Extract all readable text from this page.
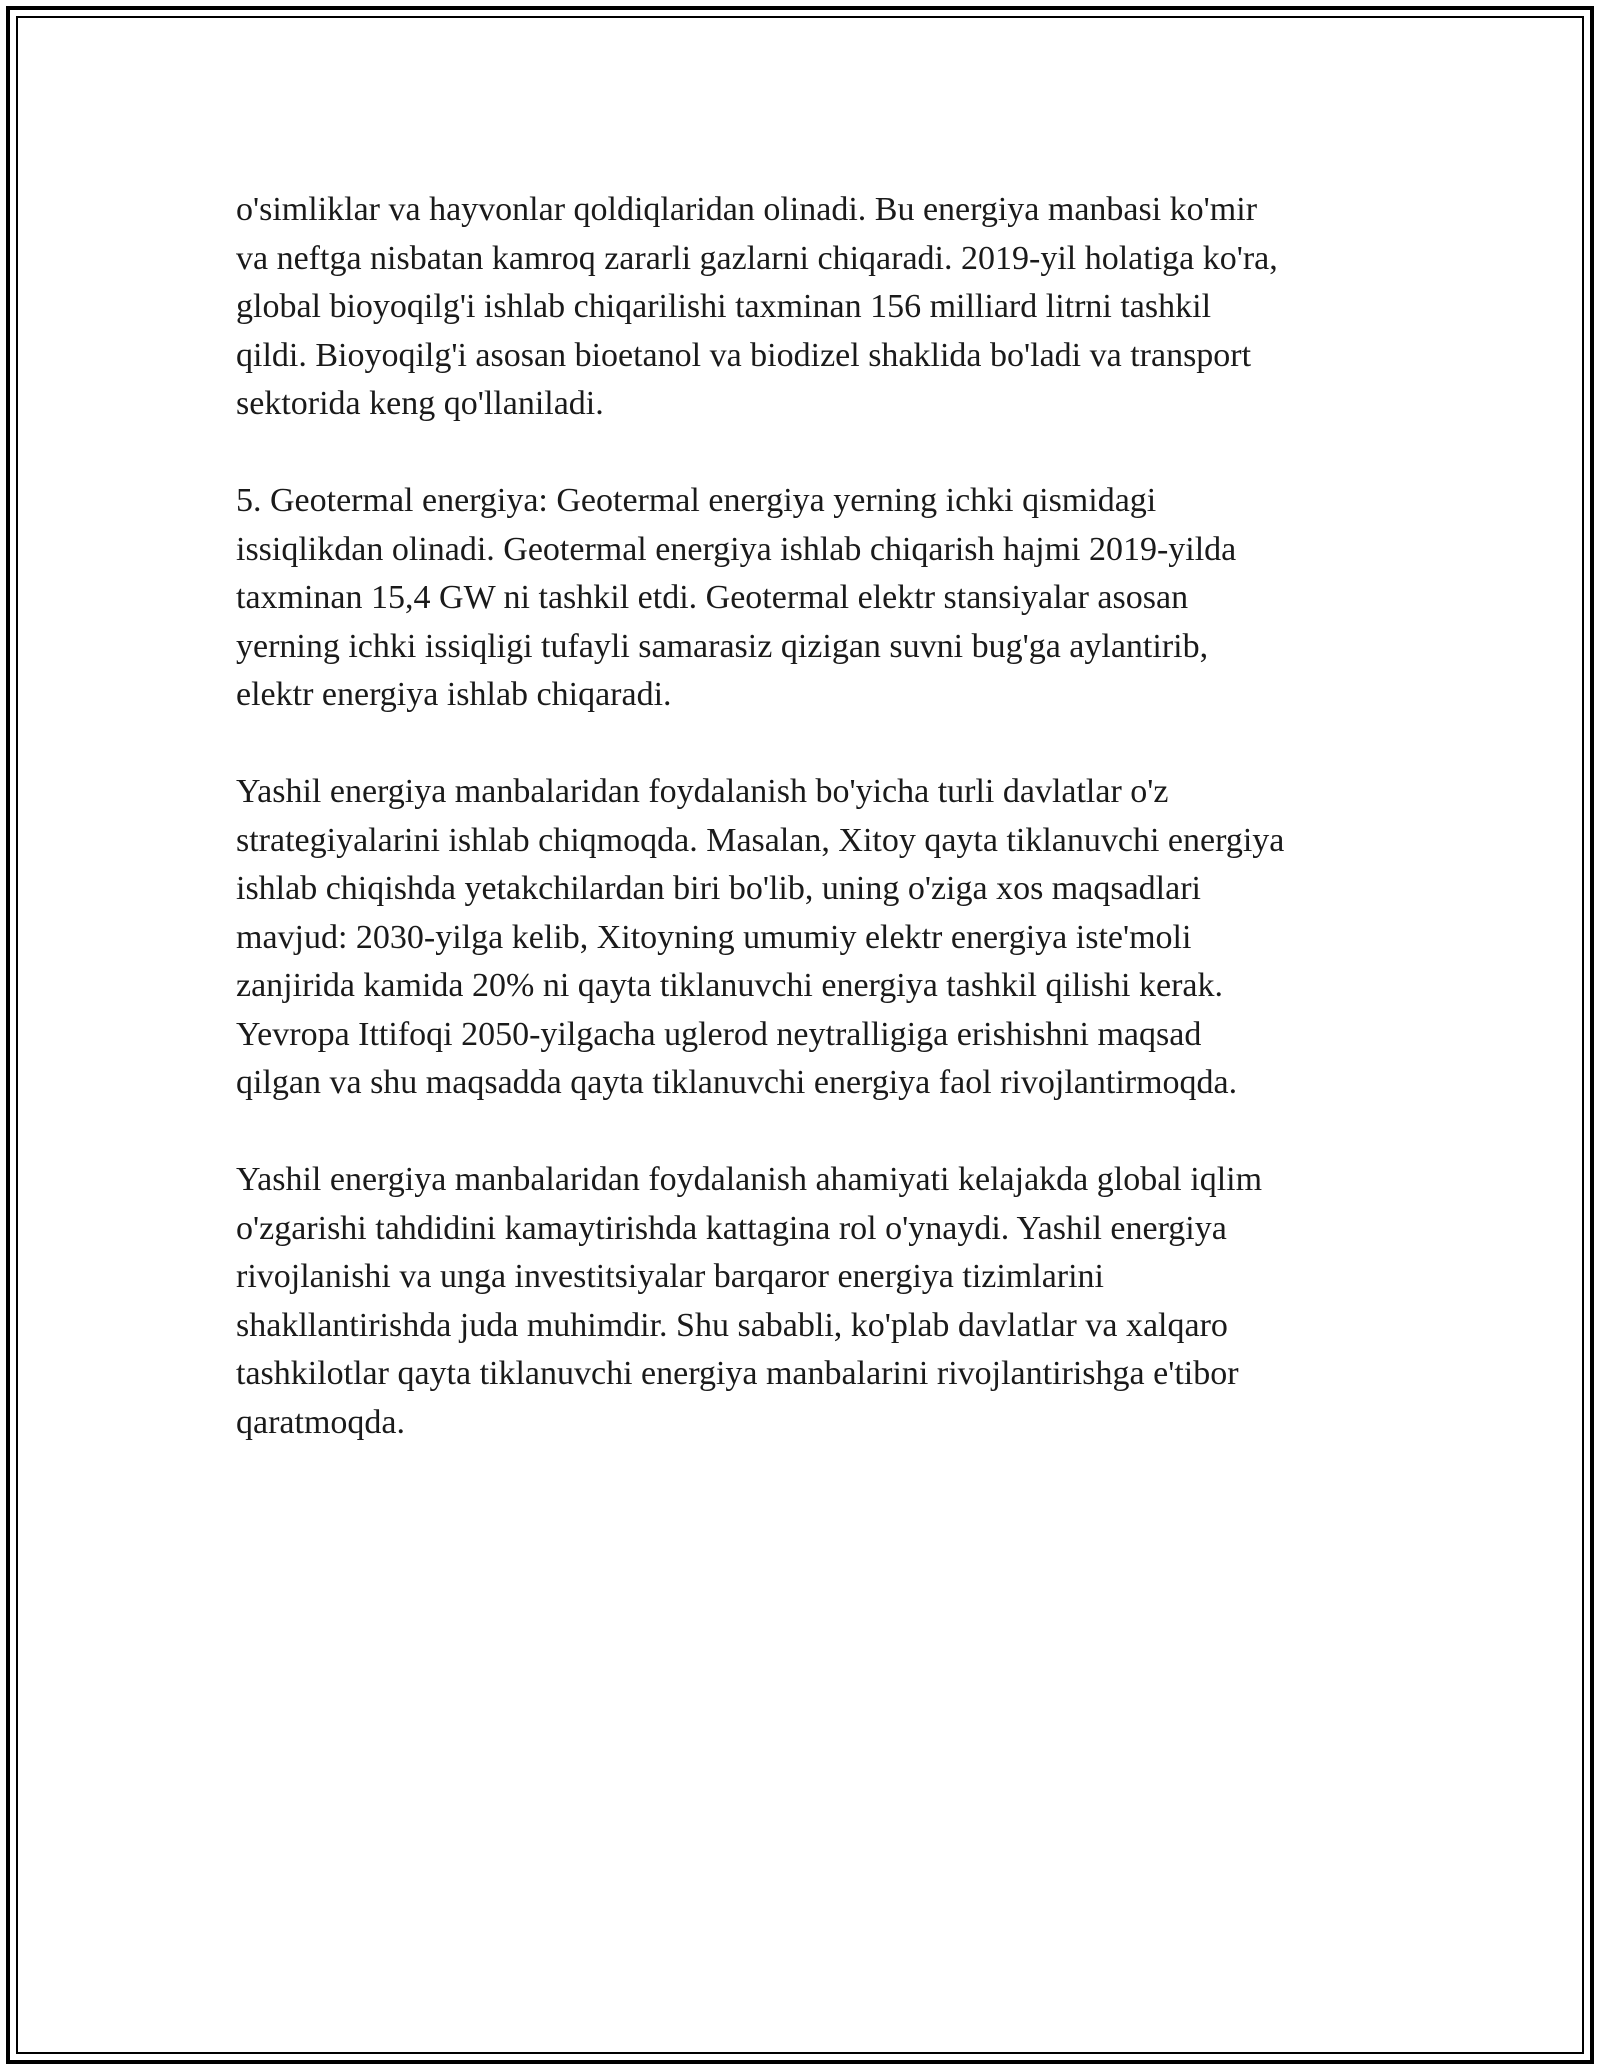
o'simliklar va hayvonlar qoldiqlaridan olinadi. Bu energiya manbasi ko'mir
va neftga nisbatan kamroq zararli gazlarni chiqaradi. 2019-yil holatiga ko'ra,
global bioyoqilg'i ishlab chiqarilishi taxminan 156 milliard litrni tashkil
qildi. Bioyoqilg'i asosan bioetanol va biodizel shaklida bo'ladi va transport
sektorida keng qo'llaniladi.

5. Geotermal energiya: Geotermal energiya yerning ichki qismidagi
issiqlikdan olinadi. Geotermal energiya ishlab chiqarish hajmi 2019-yilda
taxminan 15,4 GW ni tashkil etdi. Geotermal elektr stansiyalar asosan
yerning ichki issiqligi tufayli samarasiz qizigan suvni bug'ga aylantirib,
elektr energiya ishlab chiqaradi.

Yashil energiya manbalaridan foydalanish bo'yicha turli davlatlar o'z
strategiyalarini ishlab chiqmoqda. Masalan, Xitoy qayta tiklanuvchi energiya
ishlab chiqishda yetakchilardan biri bo'lib, uning o'ziga xos maqsadlari
mavjud: 2030-yilga kelib, Xitoyning umumiy elektr energiya iste'moli
zanjirida kamida 20% ni qayta tiklanuvchi energiya tashkil qilishi kerak.
Yevropa Ittifoqi 2050-yilgacha uglerod neytralligiga erishishni maqsad
qilgan va shu maqsadda qayta tiklanuvchi energiya faol rivojlantirmoqda.

Yashil energiya manbalaridan foydalanish ahamiyati kelajakda global iqlim
o'zgarishi tahdidini kamaytirishda kattagina rol o'ynaydi. Yashil energiya
rivojlanishi va unga investitsiyalar barqaror energiya tizimlarini
shakllantirishda juda muhimdir. Shu sababli, ko'plab davlatlar va xalqaro
tashkilotlar qayta tiklanuvchi energiya manbalarini rivojlantirishga e'tibor
qaratmoqda.
